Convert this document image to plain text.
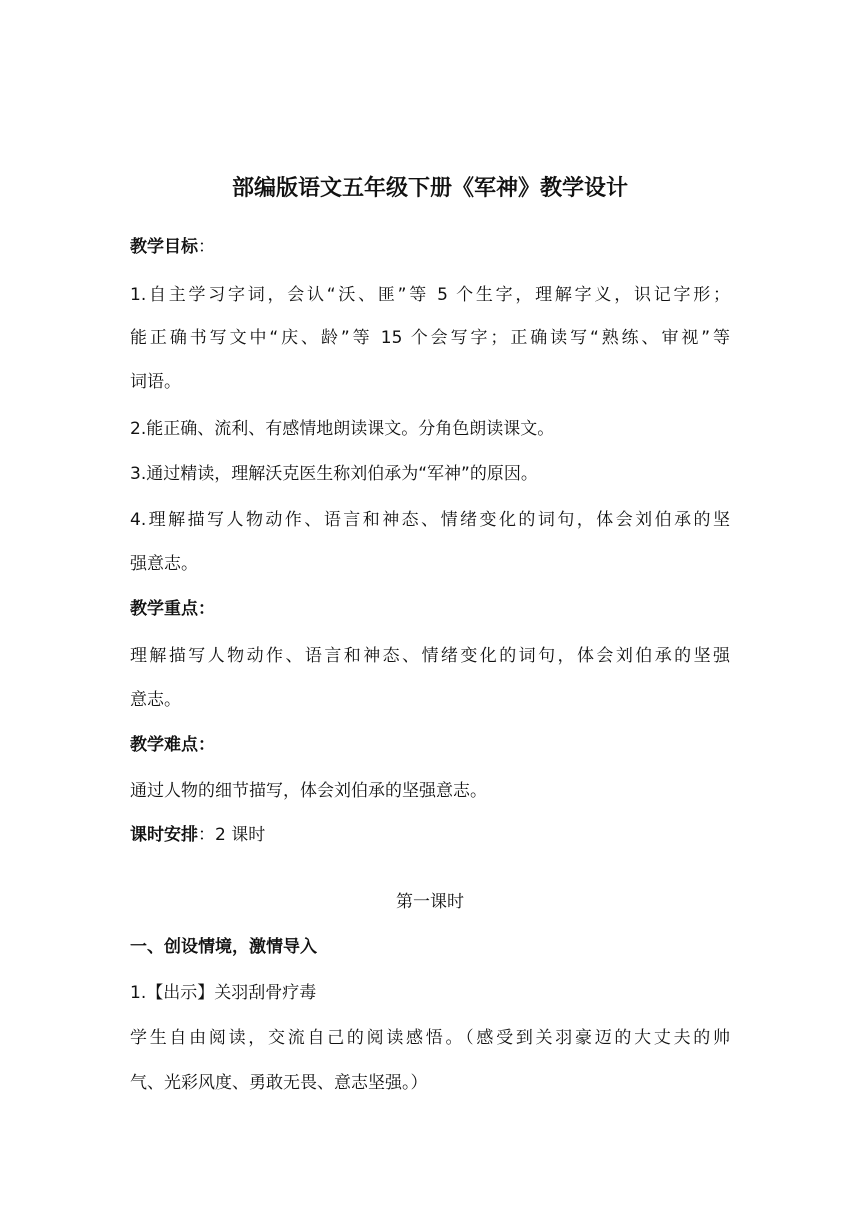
部编版语文五年级下册《军神》教学设计

教学目标：

1.自主学习字词，会认“沃、匪”等 5 个生字，理解字义，识记字形；

能正确书写文中“庆、龄”等 15 个会写字；正确读写“熟练、审视”等

词语。

2.能正确、流利、有感情地朗读课文。分角色朗读课文。

3.通过精读，理解沃克医生称刘伯承为“军神”的原因。

4.理解描写人物动作、语言和神态、情绪变化的词句，体会刘伯承的坚

强意志。

教学重点：

理解描写人物动作、语言和神态、情绪变化的词句，体会刘伯承的坚强

意志。

教学难点：

通过人物的细节描写，体会刘伯承的坚强意志。

课时安排：2 课时

第一课时

一、创设情境，激情导入

1.【出示】关羽刮骨疗毒

学生自由阅读，交流自己的阅读感悟。（感受到关羽豪迈的大丈夫的帅

气、光彩风度、勇敢无畏、意志坚强。）
